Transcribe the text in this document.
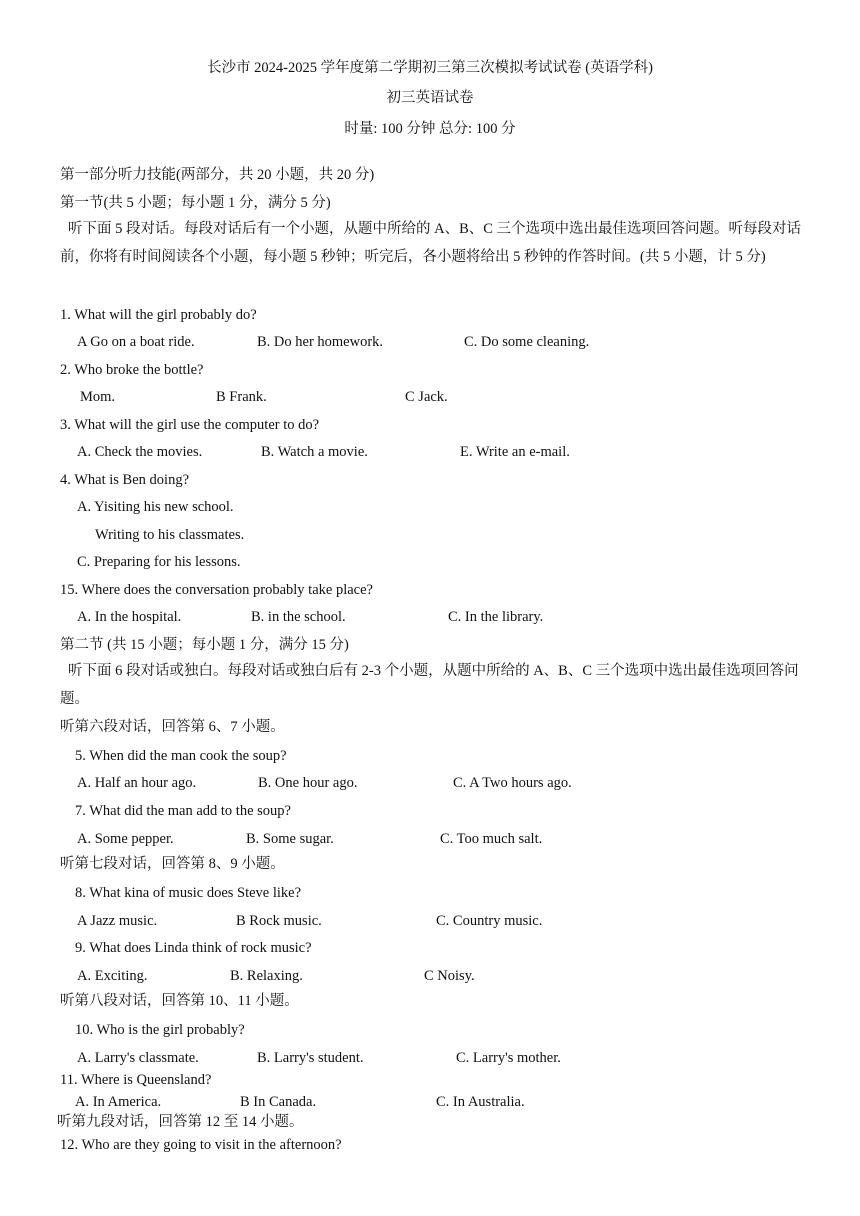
长沙市 2024-2025 学年度第二学期初三第三次模拟考试试卷 (英语学科)
初三英语试卷
时量: 100 分钟 总分: 100 分
第一部分听力技能(两部分，共 20 小题，共 20 分)
第一节(共 5 小题；每小题 1 分，满分 5 分)
听下面 5 段对话。每段对话后有一个小题，从题中所给的 A、B、C 三个选项中选出最佳选项回答问题。听每段对话前，你将有时间阅读各个小题，每小题 5 秒钟；听完后，各小题将给出 5 秒钟的作答时间。(共 5 小题，计 5 分)
1. What will the girl probably do?
A Go on a boat ride.	B. Do her homework.	C. Do some cleaning.
2. Who broke the bottle?
Mom.	B Frank.	C Jack.
3. What will the girl use the computer to do?
A. Check the movies.	B. Watch a movie.	E. Write an e-mail.
4. What is Ben doing?
A. Yisiting his new school.
Writing to his classmates.
C. Preparing for his lessons.
15. Where does the conversation probably take place?
A. In the hospital.	B. in the school.	C. In the library.
第二节 (共 15 小题；每小题 1 分，满分 15 分)
听下面 6 段对话或独白。每段对话或独白后有 2-3 个小题，从题中所给的 A、B、C 三个选项中选出最佳选项回答问题。
听第六段对话，回答第 6、7 小题。
5. When did the man cook the soup?
A. Half an hour ago.	B. One hour ago.	C. A Two hours ago.
7. What did the man add to the soup?
A. Some pepper.	B. Some sugar.	C. Too much salt.
听第七段对话，回答第 8、9 小题。
8. What kina of music does Steve like?
A Jazz music.	B Rock music.	C. Country music.
9. What does Linda think of rock music?
A. Exciting.	B. Relaxing.	C Noisy.
听第八段对话，回答第 10、11 小题。
10. Who is the girl probably?
A. Larry's classmate.	B. Larry's student.	C. Larry's mother.
11. Where is Queensland?
A. In America.	B In Canada.	C. In Australia.
听第九段对话，回答第 12 至 14 小题。
12. Who are they going to visit in the afternoon?
